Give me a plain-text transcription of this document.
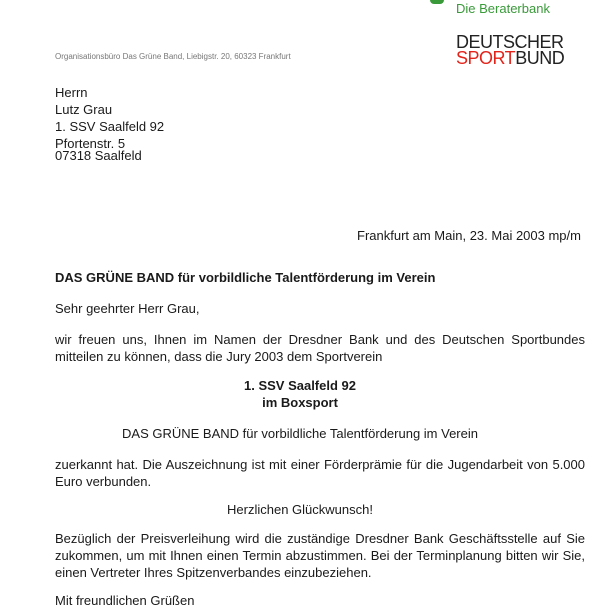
Die Beraterbank
DEUTSCHER
SPORTBUND
Organisationsbüro Das Grüne Band, Liebigstr. 20, 60323 Frankfurt
Herrn
Lutz Grau
1. SSV Saalfeld 92
Pfortenstr. 5
07318 Saalfeld
Frankfurt am Main, 23. Mai 2003 mp/m
DAS GRÜNE BAND für vorbildliche Talentförderung im Verein
Sehr geehrter Herr Grau,
wir freuen uns, Ihnen im Namen der Dresdner Bank und des Deutschen Sportbundes mitteilen zu können, dass die Jury 2003 dem Sportverein
1. SSV Saalfeld 92
im Boxsport
DAS GRÜNE BAND für vorbildliche Talentförderung im Verein
zuerkannt hat. Die Auszeichnung ist mit einer Förderprämie für die Jugendarbeit von 5.000 Euro verbunden.
Herzlichen Glückwunsch!
Bezüglich der Preisverleihung wird die zuständige Dresdner Bank Geschäftsstelle auf Sie zukommen, um mit Ihnen einen Termin abzustimmen. Bei der Terminplanung bitten wir Sie, einen Vertreter Ihres Spitzenverbandes einzubeziehen.
Mit freundlichen Grüßen
